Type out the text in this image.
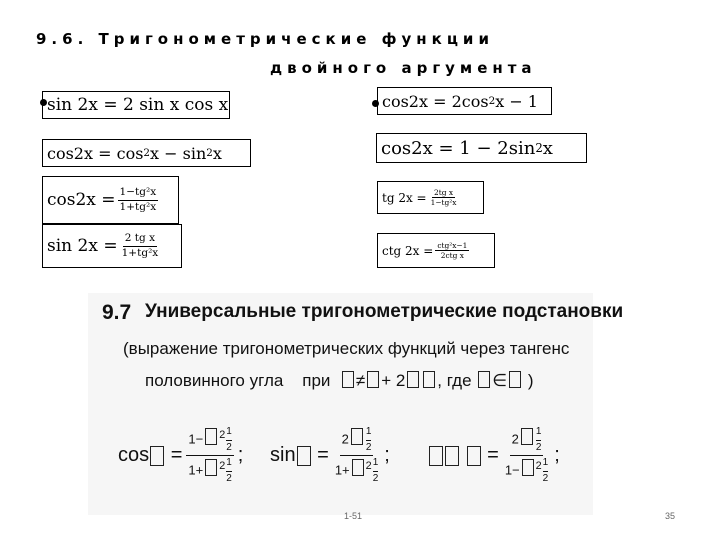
9.6. Тригонометрические функции
двойного аргумента
sin 2x
= 2 sin x cos x
cos2x
= cos 2 x − sin 2 x
$\cos 2x = \frac{\text{1−tg²x}}{\text{1+tg²x}}$
$\sin 2x = \frac{\text{2 tg x}}{\text{1+tg²x}}$
cos2x = 2cos 2 x − 1
cos2x = 1 − 2sin 2 x
tg $2x = \frac{\text{2tg x}}{\text{1−tg²x}}$
ctg $2x = \frac{\text{ctg²x−1}}{\text{2ctg x}}$
9.7 Универсальные тригонометрические подстановки
(выражение тригонометрических функций через тангенс
половинного угла при ≠ + 2 , где ∈ )
cos
= $\frac{1- ^2 \frac{1}{2}}{1+ ^2 \frac{1}{2}}$ ; sin
= $\frac{2 \frac{1}{2}}{1+ ^2 \frac{1}{2}}$ ;

	= $\frac{2 \frac{1}{2}}{1- ^2 \frac{1}{2}}$ ;
1-51	35
